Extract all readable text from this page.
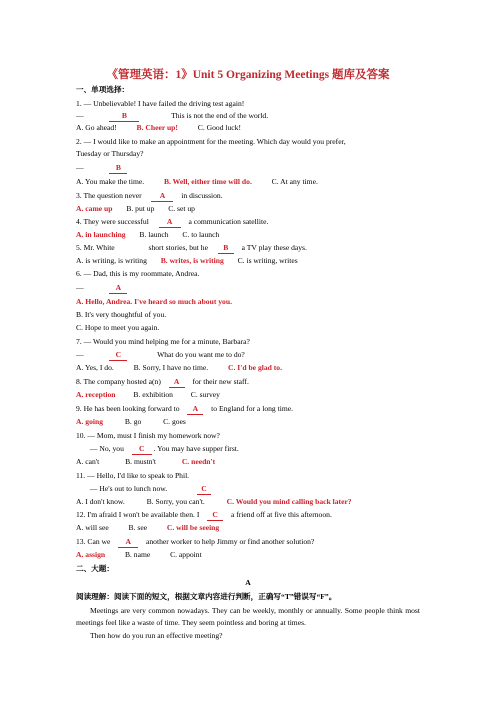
《管理英语：1》Unit 5 Organizing Meetings 题库及答案
一、单项选择：
1. — Unbelievable! I have failed the driving test again!
—	B	This is not the end of the world.
A. Go ahead!	B. Cheer up!	C. Good luck!
2. — I would like to make an appointment for the meeting. Which day would you prefer,
Tuesday or Thursday?
—	B
A. You make the time.	B. Well, either time will do.	C. At any time.
3. The question never A in discussion.
A. came up B. put up C. set up
4. They were successful A a communication satellite.
A. in launching B. launch C. to launch
5. Mr. White	short stories, but he B a TV play these days.
A. is writing, is writing B. writes, is writing C. is writing, writes
6. — Dad, this is my roommate, Andrea.
—	A
A. Hello, Andrea. I've heard so much about you.
B. It's very thoughtful of you.
C. Hope to meet you again.
7. — Would you mind helping me for a minute, Barbara?
—	C	What do you want me to do?
A. Yes, I do.	B. Sorry, I have no time.	C. I'd be glad to.
8. The company hosted a(n) A for their new staff.
A. reception B. exhibition C. survey
9. He has been looking forward to A to England for a long time.
A. going	B. go	C. goes
10. — Mom, must I finish my homework now?
— No, you C . You may have supper first.
A. can't	B. mustn't	C. needn't
11. — Hello, I'd like to speak to Phil.
— He's out to lunch now.	C
A. I don't know.	B. Sorry, you can't.	C. Would you mind calling back later?
12. I'm afraid I won't be available then. I C a friend off at five this afternoon.
A. will see	B. see	C. will be seeing
13. Can we A another worker to help Jimmy or find another solution?
A. assign	B. name	C. appoint
二、大题：
A
阅读理解：阅读下面的短文，根据文章内容进行判断，正确写“T”错误写“F”。
Meetings are very common nowadays. They can be weekly, monthly or annually. Some people think most meetings feel like a waste of time. They seem pointless and boring at times.
Then how do you run an effective meeting?
